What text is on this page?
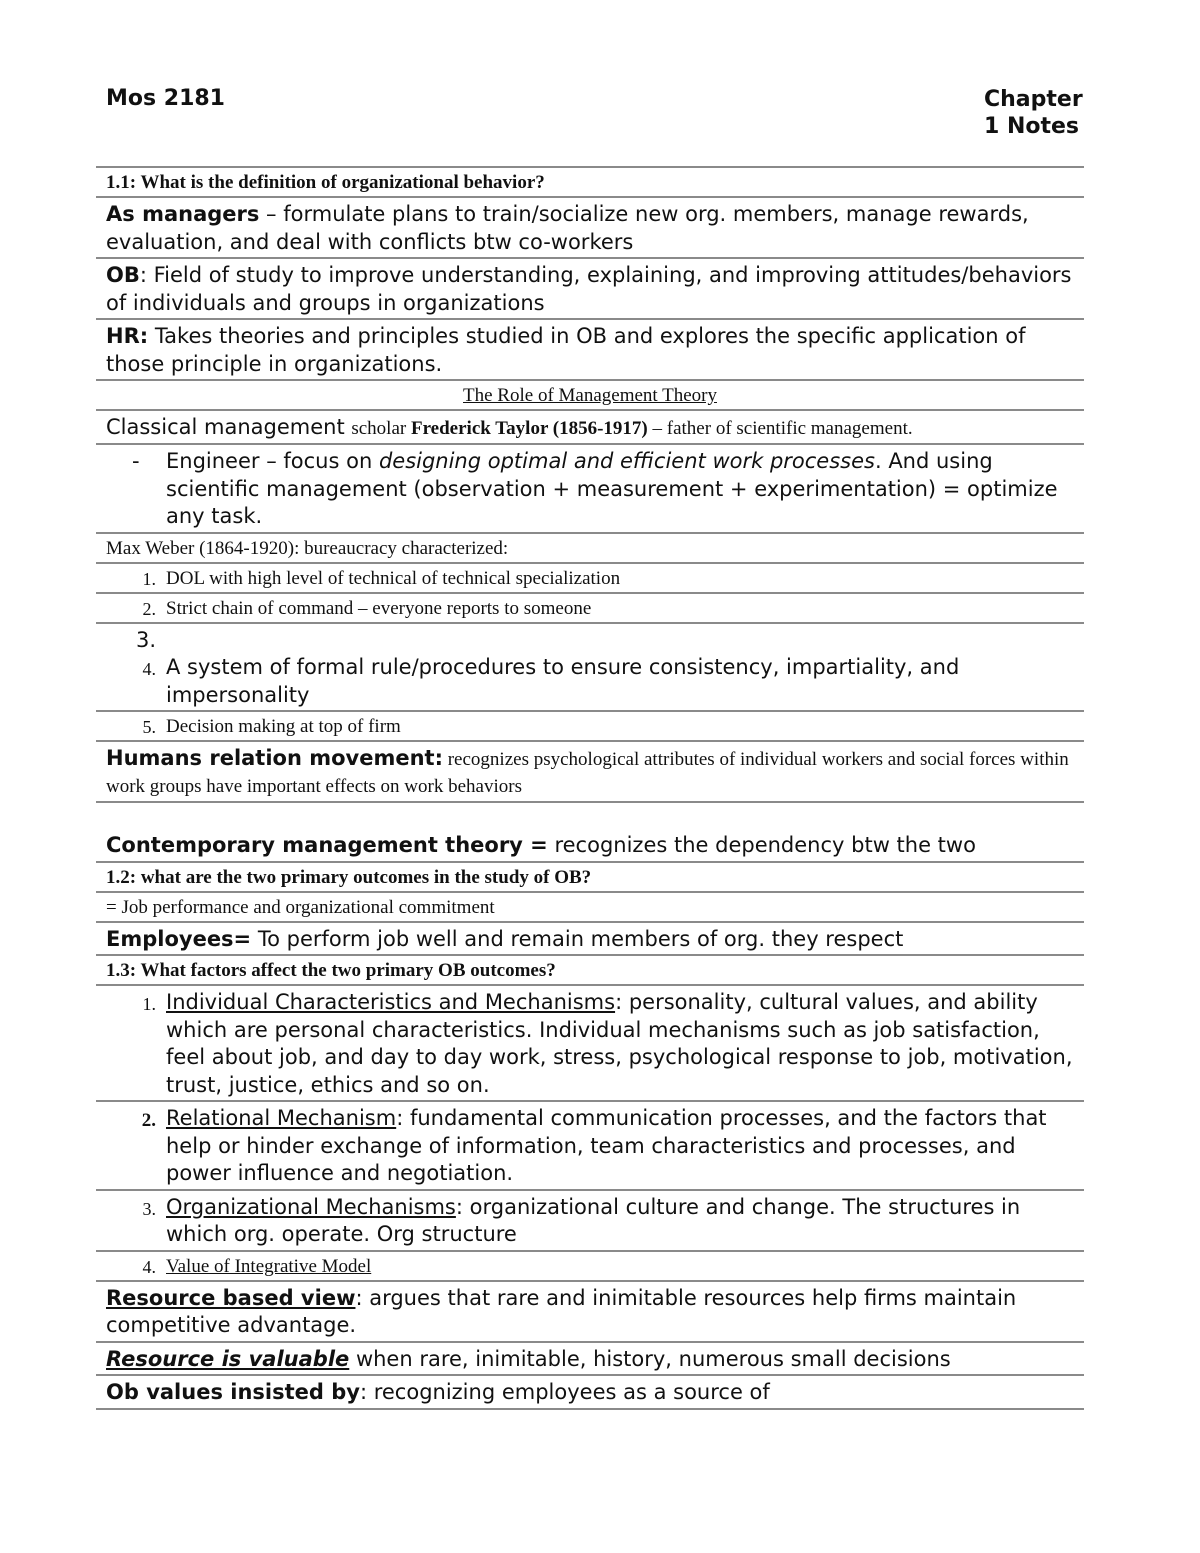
Mos 2181	Chapter 1 Notes
1.1: What is the definition of organizational behavior?
As managers – formulate plans to train/socialize new org. members, manage rewards, evaluation, and deal with conflicts btw co-workers
OB: Field of study to improve understanding, explaining, and improving attitudes/behaviors of individuals and groups in organizations
HR: Takes theories and principles studied in OB and explores the specific application of those principle in organizations.
The Role of Management Theory
Classical management scholar Frederick Taylor (1856-1917) – father of scientific management.
-	Engineer – focus on designing optimal and efficient work processes. And using scientific management (observation + measurement + experimentation) = optimize any task.
Max Weber (1864-1920): bureaucracy characterized:
1. DOL with high level of technical of technical specialization
2. Strict chain of command – everyone reports to someone
3.
4. A system of formal rule/procedures to ensure consistency, impartiality, and impersonality
5. Decision making at top of firm
Humans relation movement: recognizes psychological attributes of individual workers and social forces within work groups have important effects on work behaviors
Contemporary management theory = recognizes the dependency btw the two
1.2: what are the two primary outcomes in the study of OB?
= Job performance and organizational commitment
Employees= To perform job well and remain members of org. they respect
1.3: What factors affect the two primary OB outcomes?
1. Individual Characteristics and Mechanisms: personality, cultural values, and ability which are personal characteristics. Individual mechanisms such as job satisfaction, feel about job, and day to day work, stress, psychological response to job, motivation, trust, justice, ethics and so on.
2. Relational Mechanism: fundamental communication processes, and the factors that help or hinder exchange of information, team characteristics and processes, and power influence and negotiation.
3. Organizational Mechanisms: organizational culture and change. The structures in which org. operate. Org structure
4. Value of Integrative Model
Resource based view: argues that rare and inimitable resources help firms maintain competitive advantage.
Resource is valuable when rare, inimitable, history, numerous small decisions
Ob values insisted by: recognizing employees as a source of
